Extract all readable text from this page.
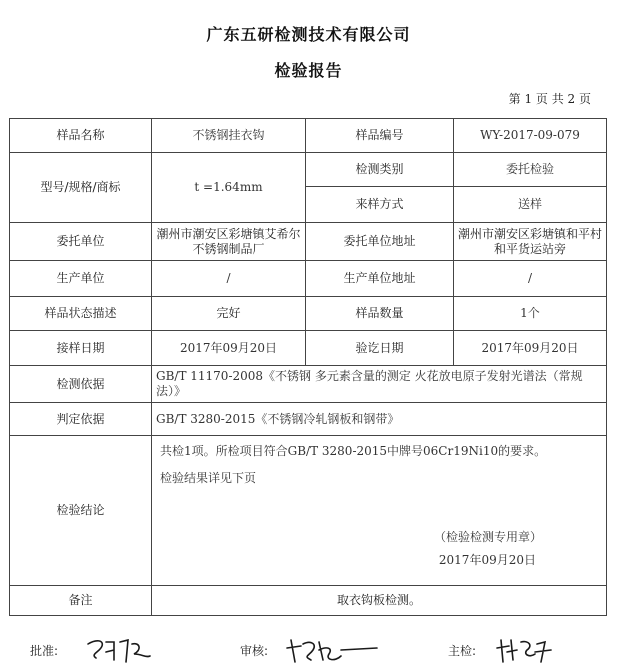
广东五研检测技术有限公司
检验报告
第 1 页 共 2 页
样品名称	不锈钢挂衣钩	样品编号	WY-2017-09-079
型号/规格/商标	t =1.64mm	检测类别	委托检验
		来样方式	送样
委托单位	潮州市潮安区彩塘镇艾希尔不锈钢制品厂	委托单位地址	潮州市潮安区彩塘镇和平村和平货运站旁
生产单位	/	生产单位地址	/
样品状态描述	完好	样品数量	1个
接样日期	2017年09月20日	验讫日期	2017年09月20日
检测依据	GB/T 11170-2008《不锈钢 多元素含量的测定 火花放电原子发射光谱法（常规法）》		
判定依据	GB/T 3280-2015《不锈钢冷轧钢板和钢带》		
检验结论	共检1项。所检项目符合GB/T 3280-2015中牌号06Cr19Ni10的要求。

检验结果详见下页

（检验检测专用章）

2017年09月20日		

备注	取衣钩板检测。		
批准:	审核:	主检:
